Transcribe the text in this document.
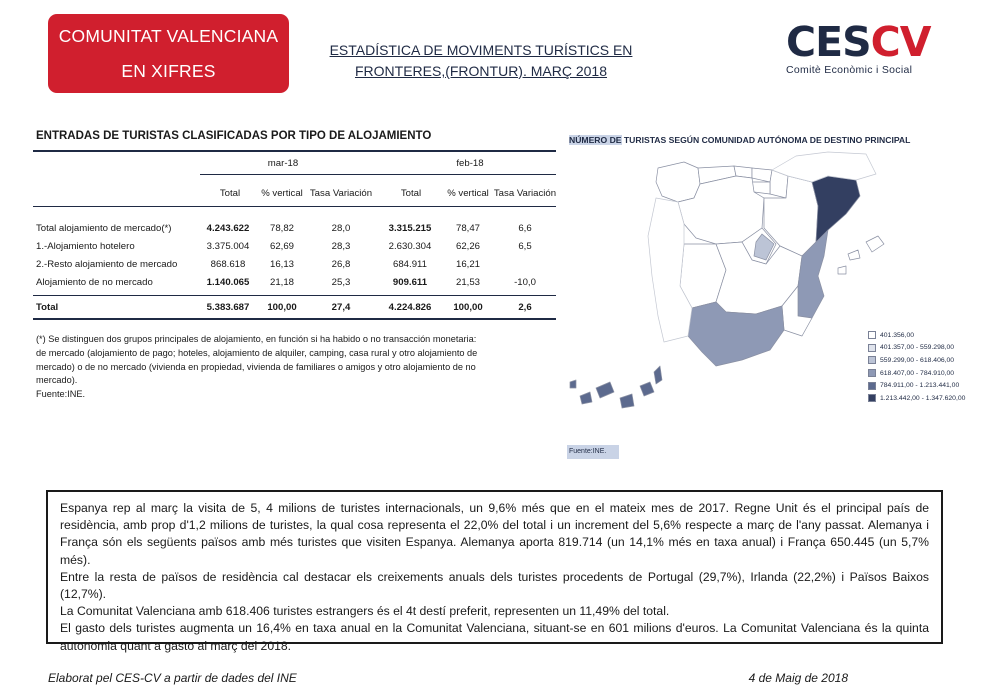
COMUNITAT VALENCIANA
EN XIFRES
ESTADÍSTICA DE MOVIMENTS TURÍSTICS EN
FRONTERES,(FRONTUR). MARÇ 2018
CESCV
Comitè Econòmic i Social
ENTRADAS DE TURISTAS CLASIFICADAS POR TIPO DE ALOJAMIENTO
mar-18	feb-18
Total	% vertical Tasa Variación	Total	% vertical Tasa Variación
Total alojamiento de mercado(*)	4.243.622	78,82	28,0	3.315.215	78,47	6,6
1.-Alojamiento hotelero	3.375.004	62,69	28,3	2.630.304	62,26	6,5
2.-Resto alojamiento de mercado	868.618	16,13	26,8	684.911	16,21
Alojamiento de no mercado	1.140.065	21,18	25,3	909.611	21,53	-10,0
Total	5.383.687	100,00	27,4	4.224.826	100,00	2,6
(*) Se distinguen dos grupos principales de alojamiento, en función si ha habido o no transacción monetaria:
de mercado (alojamiento de pago; hoteles, alojamiento de alquiler, camping, casa rural y otro alojamiento de
mercado) o de no mercado (vivienda en propiedad, vivienda de familiares o amigos y otro alojamiento de no
mercado).
Fuente:INE.
NÚMERO DE TURISTAS SEGÚN COMUNIDAD AUTÓNOMA DE DESTINO PRINCIPAL
401.356,00
401.357,00 - 559.298,00
559.299,00 - 618.406,00
618.407,00 - 784.910,00
784.911,00 - 1.213.441,00
1.213.442,00 - 1.347.620,00
Fuente:INE.

Espanya rep al març la visita de 5, 4 milions de turistes internacionals, un 9,6% més que en el mateix mes de 2017. Regne Unit és el principal país de residència, amb prop d'1,2 milions de turistes, la qual cosa representa el 22,0% del total i un increment del 5,6% respecte a març de l'any passat. Alemanya i França són els següents països amb més turistes que visiten Espanya. Alemanya aporta 819.714 (un 14,1% més en taxa anual) i França 650.445 (un 5,7% més).

Entre la resta de països de residència cal destacar els creixements anuals dels turistes procedents de Portugal (29,7%), Irlanda (22,2%) i Països Baixos (12,7%).

La Comunitat Valenciana amb 618.406 turistes estrangers és el 4t destí preferit, representen un 11,49% del total.

El gasto dels turistes augmenta un 16,4% en taxa anual en la Comunitat Valenciana, situant-se en 601 milions d'euros. La Comunitat Valenciana és la quinta autonomia quant a gasto al març del 2018.

Elaborat pel CES-CV a partir de dades del INE	4 de Maig de 2018
